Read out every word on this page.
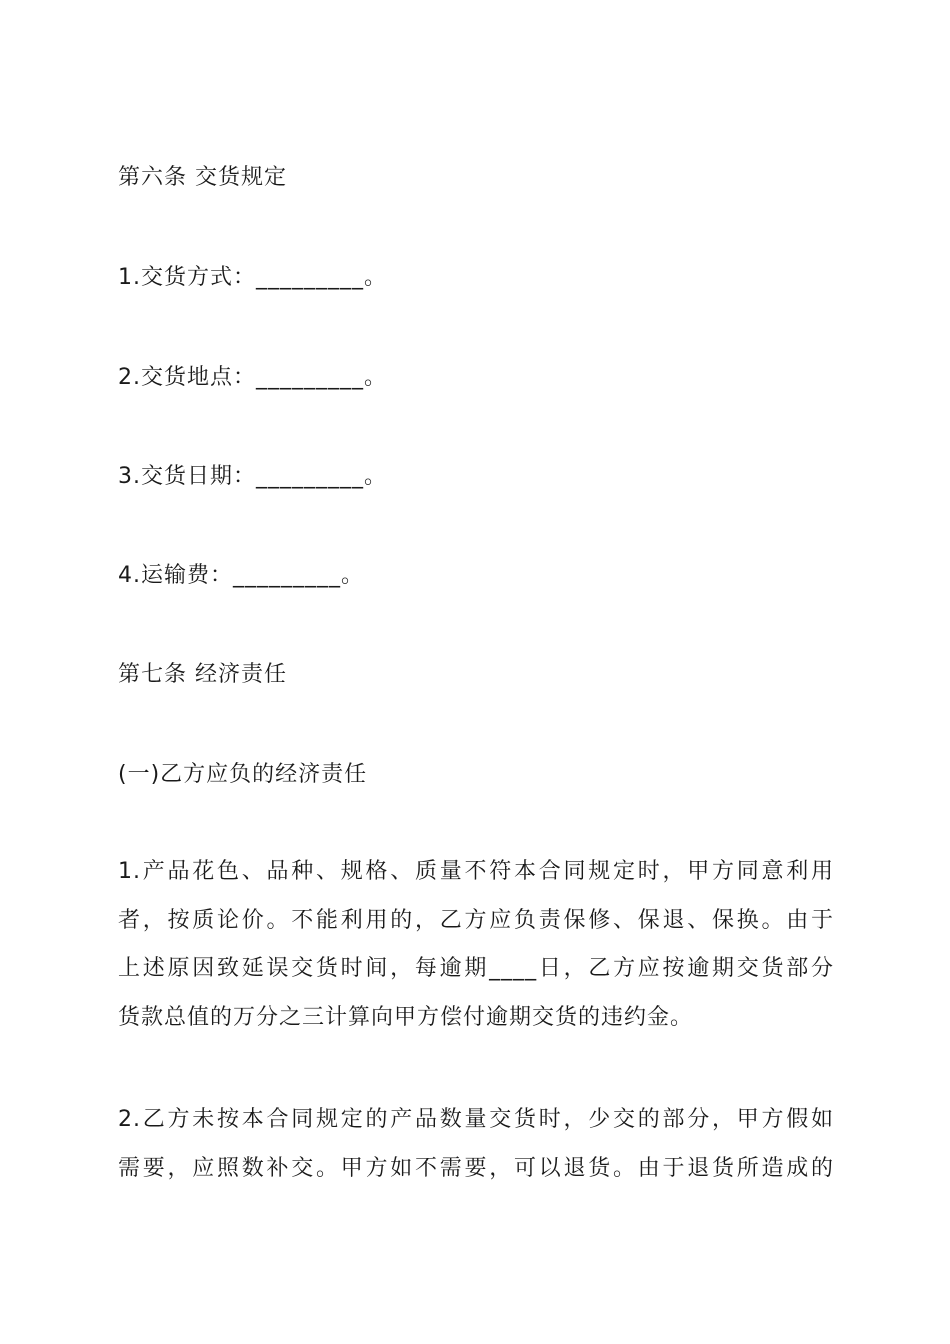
第六条 交货规定
1.交货方式：_________。
2.交货地点：_________。
3.交货日期：_________。
4.运输费：_________。
第七条 经济责任
(一)乙方应负的经济责任
1.产品花色、品种、规格、质量不符本合同规定时，甲方同意利用
者，按质论价。不能利用的，乙方应负责保修、保退、保换。由于
上述原因致延误交货时间，每逾期____日，乙方应按逾期交货部分
货款总值的万分之三计算向甲方偿付逾期交货的违约金。
2.乙方未按本合同规定的产品数量交货时，少交的部分，甲方假如
需要，应照数补交。甲方如不需要，可以退货。由于退货所造成的
